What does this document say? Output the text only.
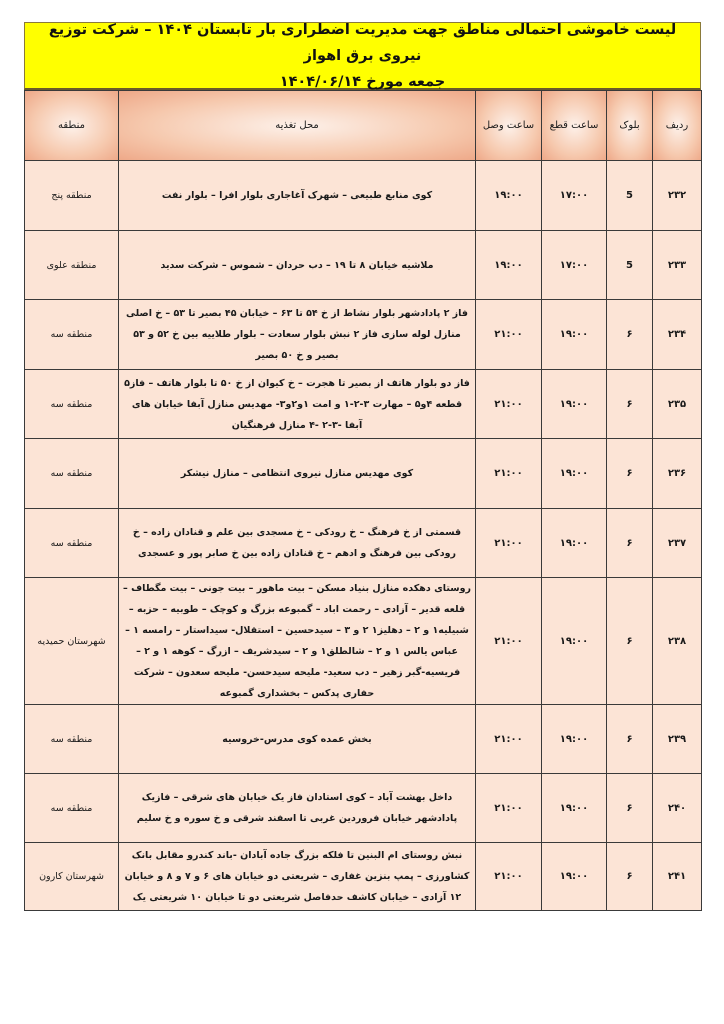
لیست خاموشی احتمالی مناطق جهت مدیریت اضطراری بار تابستان ۱۴۰۴ – شرکت توزیع نیروی برق اهواز
جمعه مورخ ۱۴۰۴/۰۶/۱۴
ردیف	بلوک	ساعت قطع	ساعت وصل	محل تغذیه	منطقه
۲۳۲	5	۱۷:۰۰	۱۹:۰۰	کوی منابع طبیعی – شهرک آغاجاری بلوار افرا – بلوار نفت	منطقه پنج
۲۳۳	5	۱۷:۰۰	۱۹:۰۰	ملاشیه خیابان ۸ تا ۱۹ – دب حردان – شموس – شرکت سدید	منطقه علوی
۲۳۴	۶	۱۹:۰۰	۲۱:۰۰	فاز ۲ پادادشهر بلوار نشاط از خ ۵۴ تا ۶۳ – خیابان ۴۵ بصیر تا ۵۳ – خ اصلی منازل لوله سازی فاز ۲ نبش بلوار سعادت – بلوار طلاییه بین خ ۵۲ و ۵۳ بصیر و خ ۵۰ بصیر	منطقه سه
۲۳۵	۶	۱۹:۰۰	۲۱:۰۰	فاز دو بلوار هاتف از بصیر تا هجرت – خ کیوان از خ ۵۰ تا بلوار هاتف – فاز۵ قطعه ۴و۵ – مهارت ۳-۲-۱ و امت ۱و۲و۳- مهدیس منازل آبفا خیابان های آبفا -۳-۲ -۴ منازل فرهنگیان	منطقه سه
۲۳۶	۶	۱۹:۰۰	۲۱:۰۰	کوی مهدیس منازل نیروی انتظامی – منازل نیشکر	منطقه سه
۲۳۷	۶	۱۹:۰۰	۲۱:۰۰	قسمتی از خ فرهنگ – خ رودکی – خ مسجدی بین علم و قنادان زاده – خ رودکی بین فرهنگ و ادهم – خ قنادان زاده بین خ صابر پور و عسجدی	منطقه سه
۲۳۸	۶	۱۹:۰۰	۲۱:۰۰	روستای دهکده منازل بنیاد مسکن – بیت ماهور – بیت جونی – بیت مگطاف – قلعه قدیر – آزادی – رحمت اباد – گمبوعه بزرگ و کوچک – طوبیه – حزبه – شبیلیه۱ و ۲ – دهلیز۱ ۲ و ۳ – سیدحسین – استقلال- سیداستار – رامسه ۱ – عباس یالس ۱ و ۲ – شالطلق۱ و ۲ – سیدشریف – ازرگ – کوهه ۱ و ۲ – فریسیه-گبر زهیر – دب سعید- ملیحه سیدحسن- ملیحه سعدون – شرکت حفاری پدکس – بخشداری گمبوعه	شهرستان حمیدیه
۲۳۹	۶	۱۹:۰۰	۲۱:۰۰	بخش عمده کوی مدرس-خروسیه	منطقه سه
۲۴۰	۶	۱۹:۰۰	۲۱:۰۰	داخل بهشت آباد – کوی استادان فاز یک خیابان های شرقی – فازیک پادادشهر خیابان فروردین غربی تا اسفند شرقی و خ سوره و خ سلیم	منطقه سه
۲۴۱	۶	۱۹:۰۰	۲۱:۰۰	نبش روستای ام البنین تا فلکه بزرگ جاده آبادان -باند کندرو مقابل بانک کشاورزی – پمپ بنزین غفاری – شریعتی دو خیابان های ۶ و ۷ و ۸ و خیابان ۱۲ آزادی – خیابان کاشف حدفاصل شریعتی دو تا خیابان ۱۰ شریعتی یک	شهرستان کارون
